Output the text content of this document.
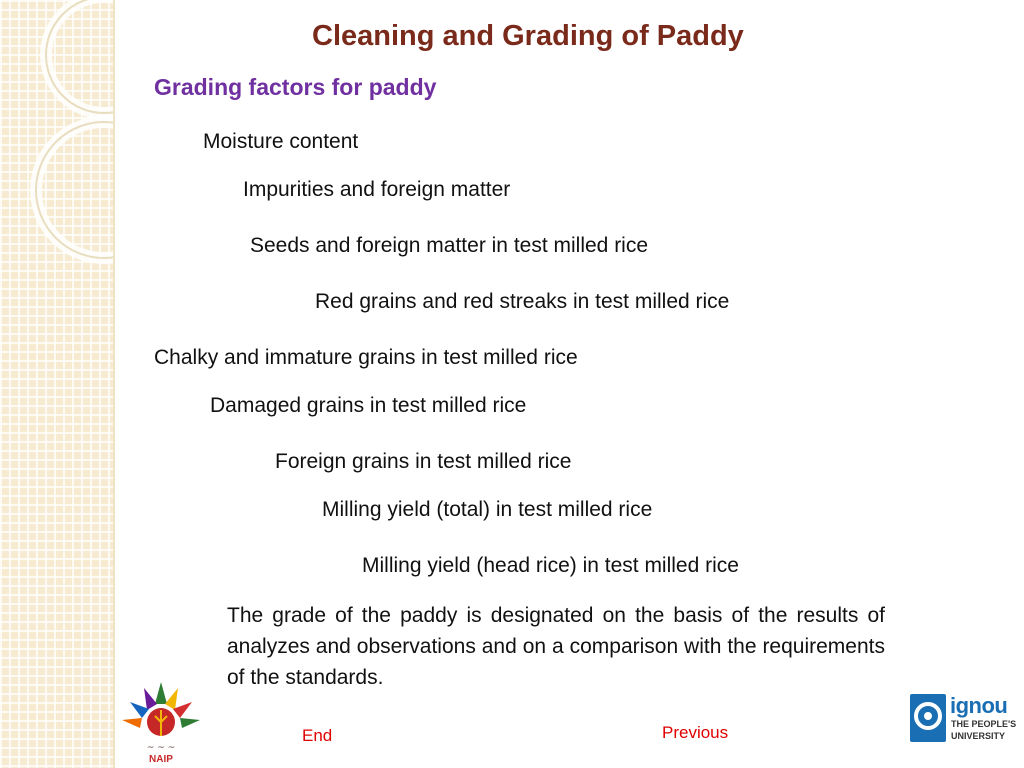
Cleaning and Grading of Paddy
Grading factors for paddy
Moisture content
Impurities and foreign matter
Seeds and foreign matter in test milled rice
Red grains and red streaks in test milled rice
Chalky and immature grains in test milled rice
Damaged grains in test milled rice
Foreign grains in test milled rice
Milling yield (total) in test milled rice
Milling yield (head rice) in test milled rice
The grade of the paddy is designated on the basis of the results of analyzes and observations and on a comparison with the requirements of the standards.
End	Previous
~ ~ ~
NAIP
ignou
THE PEOPLE'S
UNIVERSITY
